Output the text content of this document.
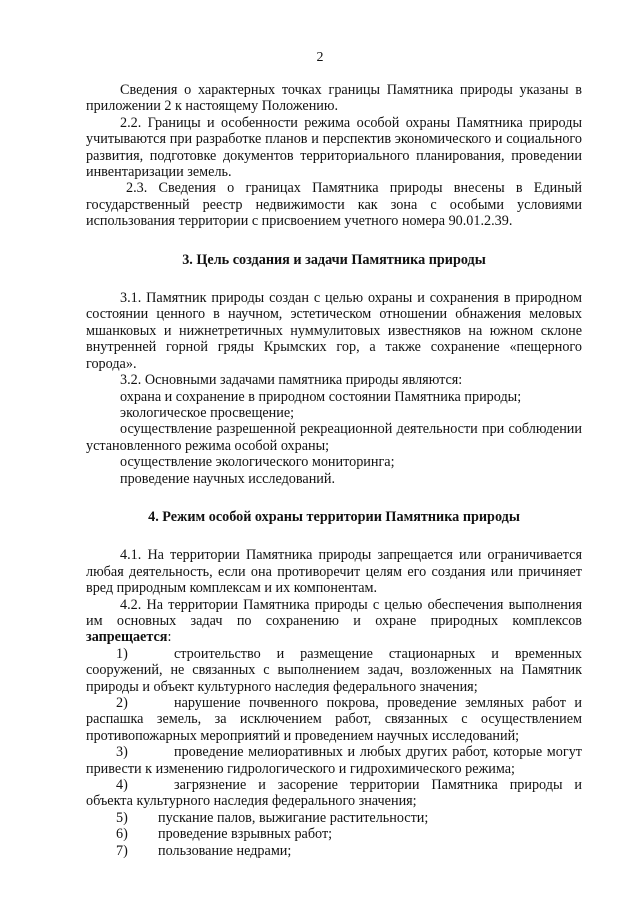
2

Сведения о характерных точках границы Памятника природы указаны в приложении 2 к настоящему Положению.

2.2. Границы и особенности режима особой охраны Памятника природы учитываются при разработке планов и перспектив экономического и социального развития, подготовке документов территориального планирования, проведении инвентаризации земель.

2.3. Сведения о границах Памятника природы внесены в Единый государственный реестр недвижимости как зона с особыми условиями использования территории с присвоением учетного номера 90.01.2.39.

3. Цель создания и задачи Памятника природы

3.1. Памятник природы создан с целью охраны и сохранения в природном состоянии ценного в научном, эстетическом отношении обнажения меловых мшанковых и нижнетретичных нуммулитовых известняков на южном склоне внутренней горной гряды Крымских гор, а также сохранение «пещерного города».

3.2. Основными задачами памятника природы являются:

охрана и сохранение в природном состоянии Памятника природы;

экологическое просвещение;

осуществление разрешенной рекреационной деятельности при соблюдении установленного режима особой охраны;

осуществление экологического мониторинга;

проведение научных исследований.

4. Режим особой охраны территории Памятника природы

4.1. На территории Памятника природы запрещается или ограничивается любая деятельность, если она противоречит целям его создания или причиняет вред природным комплексам и их компонентам.

4.2. На территории Памятника природы с целью обеспечения выполнения им основных задач по сохранению и охране природных комплексов запрещается:

1)	строительство и размещение стационарных и временных сооружений, не связанных с выполнением задач, возложенных на Памятник природы и объект культурного наследия федерального значения;

2)	нарушение почвенного покрова, проведение земляных работ и распашка земель, за исключением работ, связанных с осуществлением противопожарных мероприятий и проведением научных исследований;

3)	проведение мелиоративных и любых других работ, которые могут привести к изменению гидрологического и гидрохимического режима;

4)	загрязнение и засорение территории Памятника природы и объекта культурного наследия федерального значения;

5) пускание палов, выжигание растительности;

6) проведение взрывных работ;

7) пользование недрами;
